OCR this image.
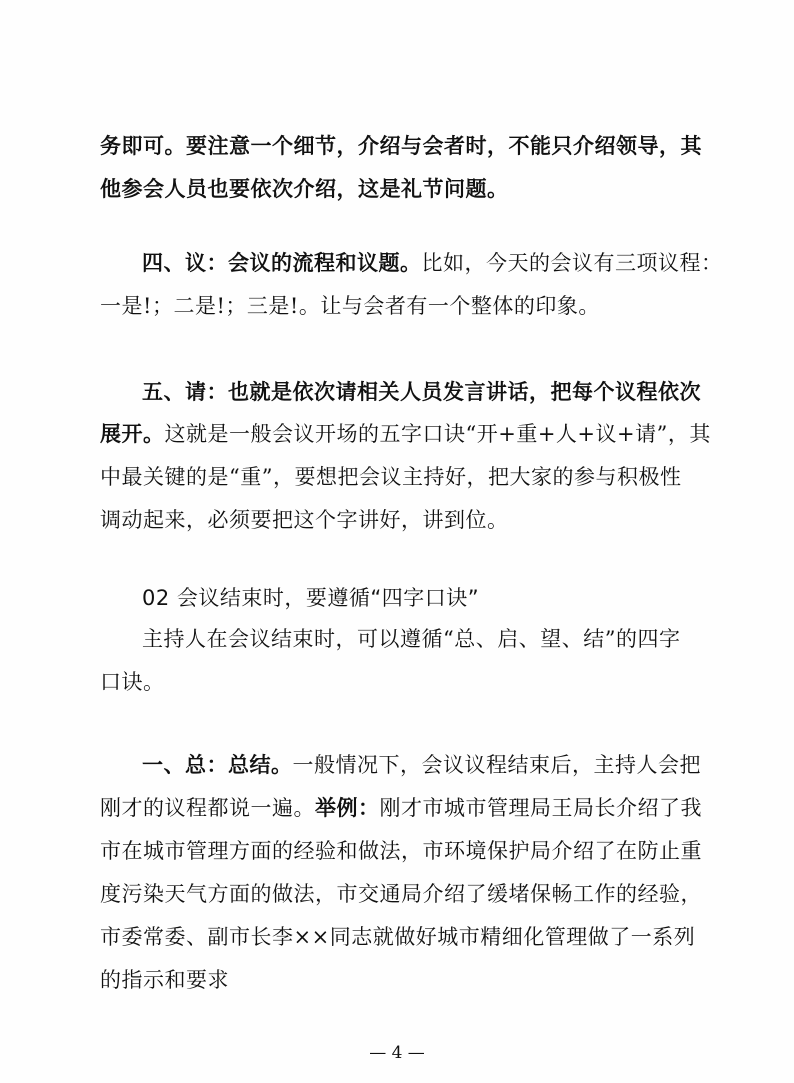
务即可。要注意一个细节，介绍与会者时，不能只介绍领导，其
他参会人员也要依次介绍，这是礼节问题。
四、议：会议的流程和议题。比如，今天的会议有三项议程：
一是!；二是!；三是!。让与会者有一个整体的印象。
五、请：也就是依次请相关人员发言讲话，把每个议程依次
展开。这就是一般会议开场的五字口诀“开+重+人+议+请”，其
中最关键的是“重”，要想把会议主持好，把大家的参与积极性
调动起来，必须要把这个字讲好，讲到位。
02 会议结束时，要遵循“四字口诀”
主持人在会议结束时，可以遵循“总、启、望、结”的四字
口诀。
一、总：总结。一般情况下，会议议程结束后，主持人会把
刚才的议程都说一遍。举例：刚才市城市管理局王局长介绍了我
市在城市管理方面的经验和做法，市环境保护局介绍了在防止重
度污染天气方面的做法，市交通局介绍了缓堵保畅工作的经验，
市委常委、副市长李××同志就做好城市精细化管理做了一系列
的指示和要求
— 4 —
